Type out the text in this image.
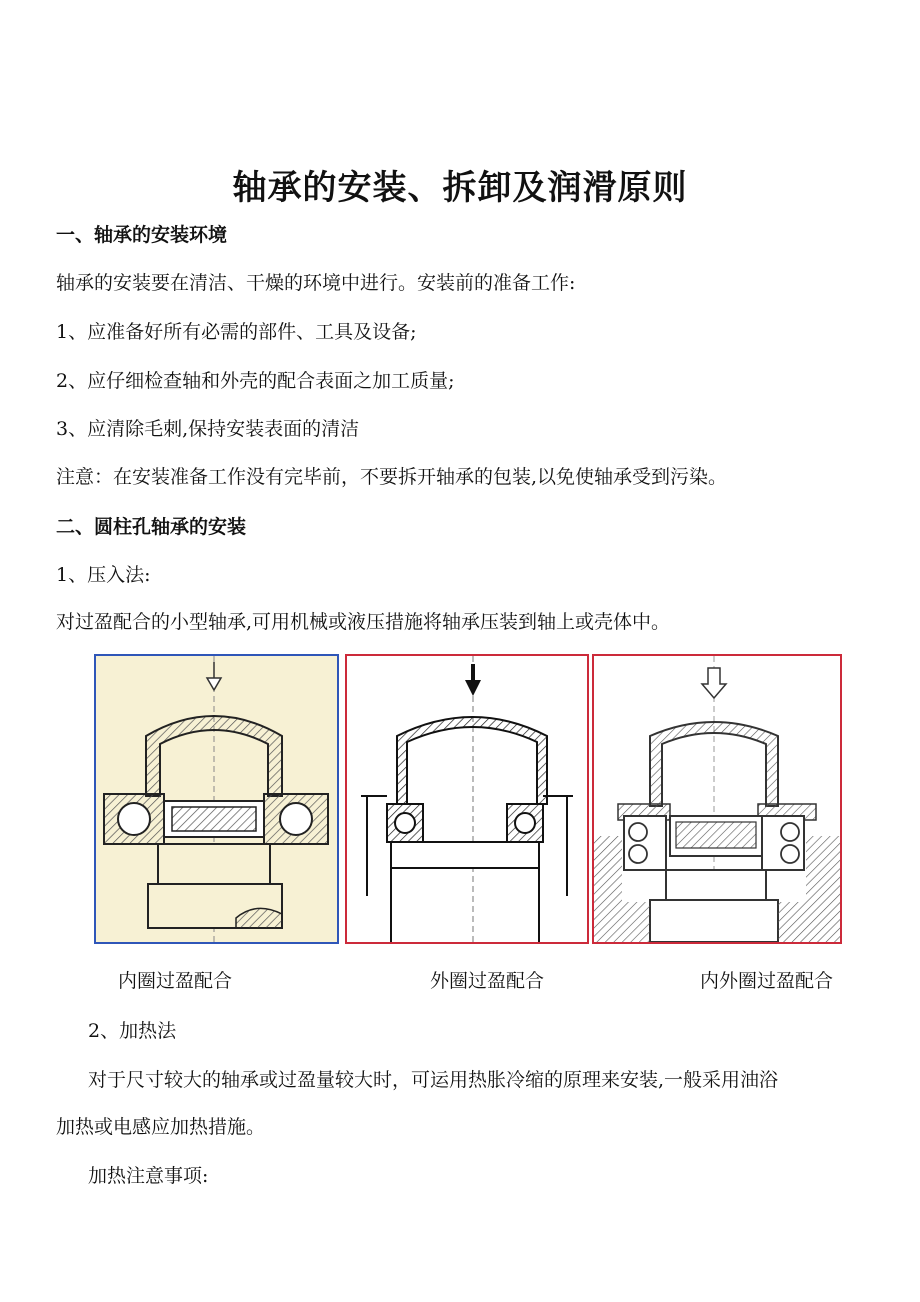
轴承的安装、拆卸及润滑原则
一、轴承的安装环境
轴承的安装要在清洁、干燥的环境中进行。安装前的准备工作:
1、应准备好所有必需的部件、工具及设备;
2、应仔细检查轴和外壳的配合表面之加工质量;
3、应清除毛刺,保持安装表面的清洁
注意：在安装准备工作没有完毕前，不要拆开轴承的包装,以免使轴承受到污染。
二、圆柱孔轴承的安装
1、压入法:
对过盈配合的小型轴承,可用机械或液压措施将轴承压装到轴上或壳体中。
内圈过盈配合	外圈过盈配合	内外圈过盈配合
2、加热法
对于尺寸较大的轴承或过盈量较大时，可运用热胀冷缩的原理来安装,一般采用油浴
加热或电感应加热措施。
加热注意事项:
